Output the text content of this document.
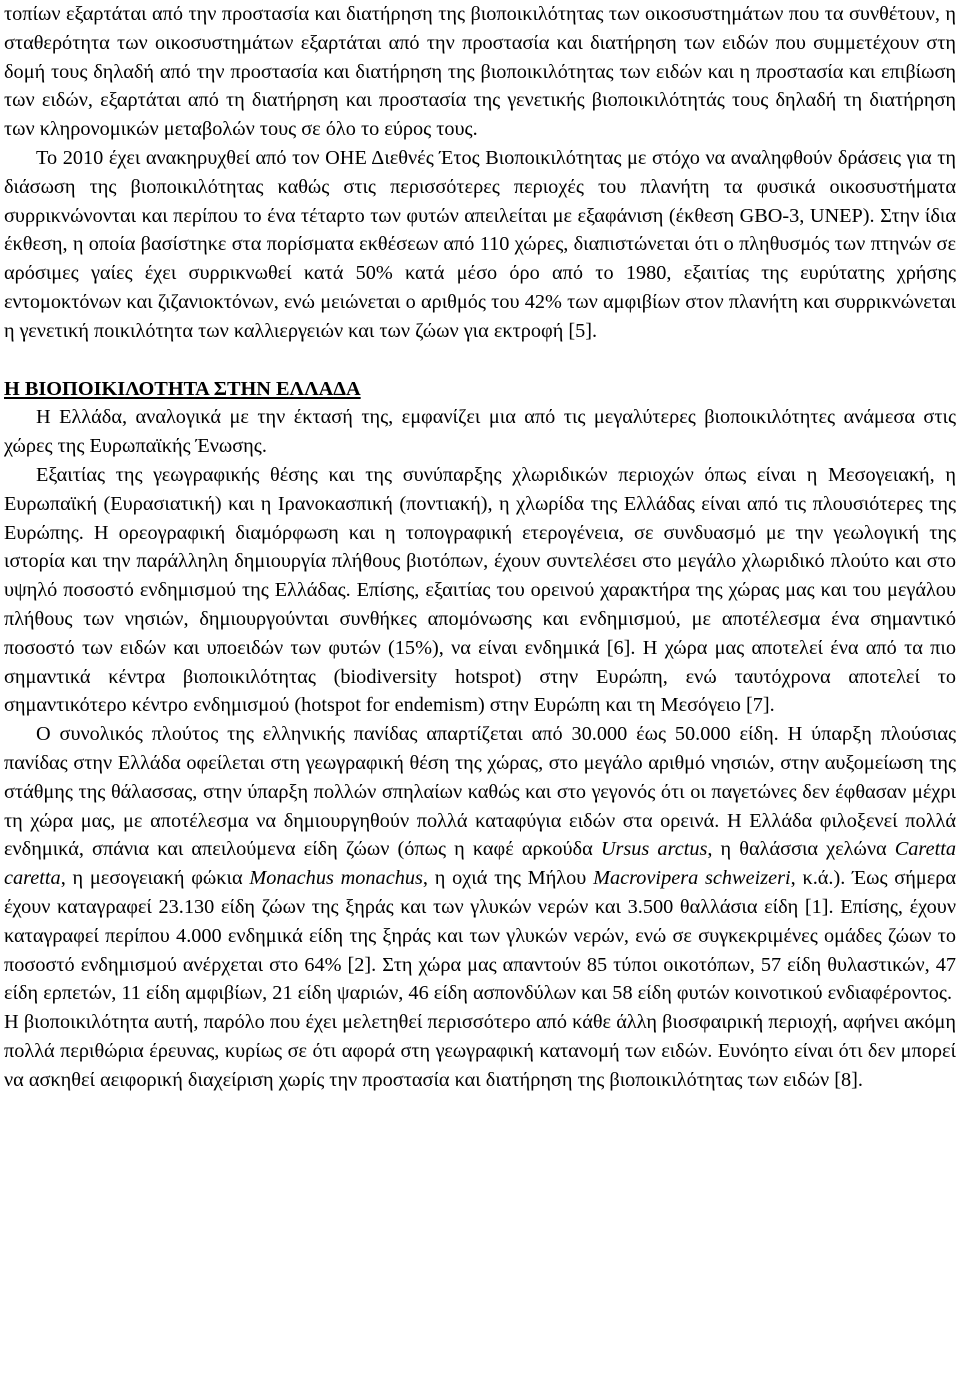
τοπίων εξαρτάται από την προστασία και διατήρηση της βιοποικιλότητας των οικοσυστημάτων που τα συνθέτουν, η σταθερότητα των οικοσυστημάτων εξαρτάται από την προστασία και διατήρηση των ειδών που συμμετέχουν στη δομή τους δηλαδή από την προστασία και διατήρηση της βιοποικιλότητας των ειδών και η προστασία και επιβίωση των ειδών, εξαρτάται από τη διατήρηση και προστασία της γενετικής βιοποικιλότητάς τους δηλαδή τη διατήρηση των κληρονομικών μεταβολών τους σε όλο το εύρος τους.

Το 2010 έχει ανακηρυχθεί από τον ΟΗΕ Διεθνές Έτος Βιοποικιλότητας με στόχο να αναληφθούν δράσεις για τη διάσωση της βιοποικιλότητας καθώς στις περισσότερες περιοχές του πλανήτη τα φυσικά οικοσυστήματα συρρικνώνονται και περίπου το ένα τέταρτο των φυτών απειλείται με εξαφάνιση (έκθεση GBO-3, UNEP). Στην ίδια έκθεση, η οποία βασίστηκε στα πορίσματα εκθέσεων από 110 χώρες, διαπιστώνεται ότι ο πληθυσμός των πτηνών σε αρόσιμες γαίες έχει συρρικνωθεί κατά 50% κατά μέσο όρο από το 1980, εξαιτίας της ευρύτατης χρήσης εντομοκτόνων και ζιζανιοκτόνων, ενώ μειώνεται ο αριθμός του 42% των αμφιβίων στον πλανήτη και συρρικνώνεται η γενετική ποικιλότητα των καλλιεργειών και των ζώων για εκτροφή [5].

Η ΒΙΟΠΟΙΚΙΛΟΤΗΤΑ ΣΤΗΝ ΕΛΛΑΔΑ

Η Ελλάδα, αναλογικά με την έκτασή της, εμφανίζει μια από τις μεγαλύτερες βιοποικιλότητες ανάμεσα στις χώρες της Ευρωπαϊκής Ένωσης.

Εξαιτίας της γεωγραφικής θέσης και της συνύπαρξης χλωριδικών περιοχών όπως είναι η Μεσογειακή, η Ευρωπαϊκή (Ευρασιατική) και η Ιρανοκασπική (ποντιακή), η χλωρίδα της Ελλάδας είναι από τις πλουσιότερες της Ευρώπης. Η ορεογραφική διαμόρφωση και η τοπογραφική ετερογένεια, σε συνδυασμό με την γεωλογική της ιστορία και την παράλληλη δημιουργία πλήθους βιοτόπων, έχουν συντελέσει στο μεγάλο χλωριδικό πλούτο και στο υψηλό ποσοστό ενδημισμού της Ελλάδας. Επίσης, εξαιτίας του ορεινού χαρακτήρα της χώρας μας και του μεγάλου πλήθους των νησιών, δημιουργούνται συνθήκες απομόνωσης και ενδημισμού, με αποτέλεσμα ένα σημαντικό ποσοστό των ειδών και υποειδών των φυτών (15%), να είναι ενδημικά [6]. Η χώρα μας αποτελεί ένα από τα πιο σημαντικά κέντρα βιοποικιλότητας (biodiversity hotspot) στην Ευρώπη, ενώ ταυτόχρονα αποτελεί το σημαντικότερο κέντρο ενδημισμού (hotspot for endemism) στην Ευρώπη και τη Μεσόγειο [7].

Ο συνολικός πλούτος της ελληνικής πανίδας απαρτίζεται από 30.000 έως 50.000 είδη. Η ύπαρξη πλούσιας πανίδας στην Ελλάδα οφείλεται στη γεωγραφική θέση της χώρας, στο μεγάλο αριθμό νησιών, στην αυξομείωση της στάθμης της θάλασσας, στην ύπαρξη πολλών σπηλαίων καθώς και στο γεγονός ότι οι παγετώνες δεν έφθασαν μέχρι τη χώρα μας, με αποτέλεσμα να δημιουργηθούν πολλά καταφύγια ειδών στα ορεινά. Η Ελλάδα φιλοξενεί πολλά ενδημικά, σπάνια και απειλούμενα είδη ζώων (όπως η καφέ αρκούδα Ursus arctus, η θαλάσσια χελώνα Caretta caretta, η μεσογειακή φώκια Monachus monachus, η οχιά της Μήλου Macrovipera schweizeri, κ.ά.). Έως σήμερα έχουν καταγραφεί 23.130 είδη ζώων της ξηράς και των γλυκών νερών και 3.500 θαλλάσια είδη [1]. Επίσης, έχουν καταγραφεί περίπου 4.000 ενδημικά είδη της ξηράς και των γλυκών νερών, ενώ σε συγκεκριμένες ομάδες ζώων το ποσοστό ενδημισμού ανέρχεται στο 64% [2]. Στη χώρα μας απαντούν 85 τύποι οικοτόπων, 57 είδη θυλαστικών, 47 είδη ερπετών, 11 είδη αμφιβίων, 21 είδη ψαριών, 46 είδη ασπονδύλων και 58 είδη φυτών κοινοτικού ενδιαφέροντος.

Η βιοποικιλότητα αυτή, παρόλο που έχει μελετηθεί περισσότερο από κάθε άλλη βιοσφαιρική περιοχή, αφήνει ακόμη πολλά περιθώρια έρευνας, κυρίως σε ότι αφορά στη γεωγραφική κατανομή των ειδών. Ευνόητο είναι ότι δεν μπορεί να ασκηθεί αειφορική διαχείριση χωρίς την προστασία και διατήρηση της βιοποικιλότητας των ειδών [8].
